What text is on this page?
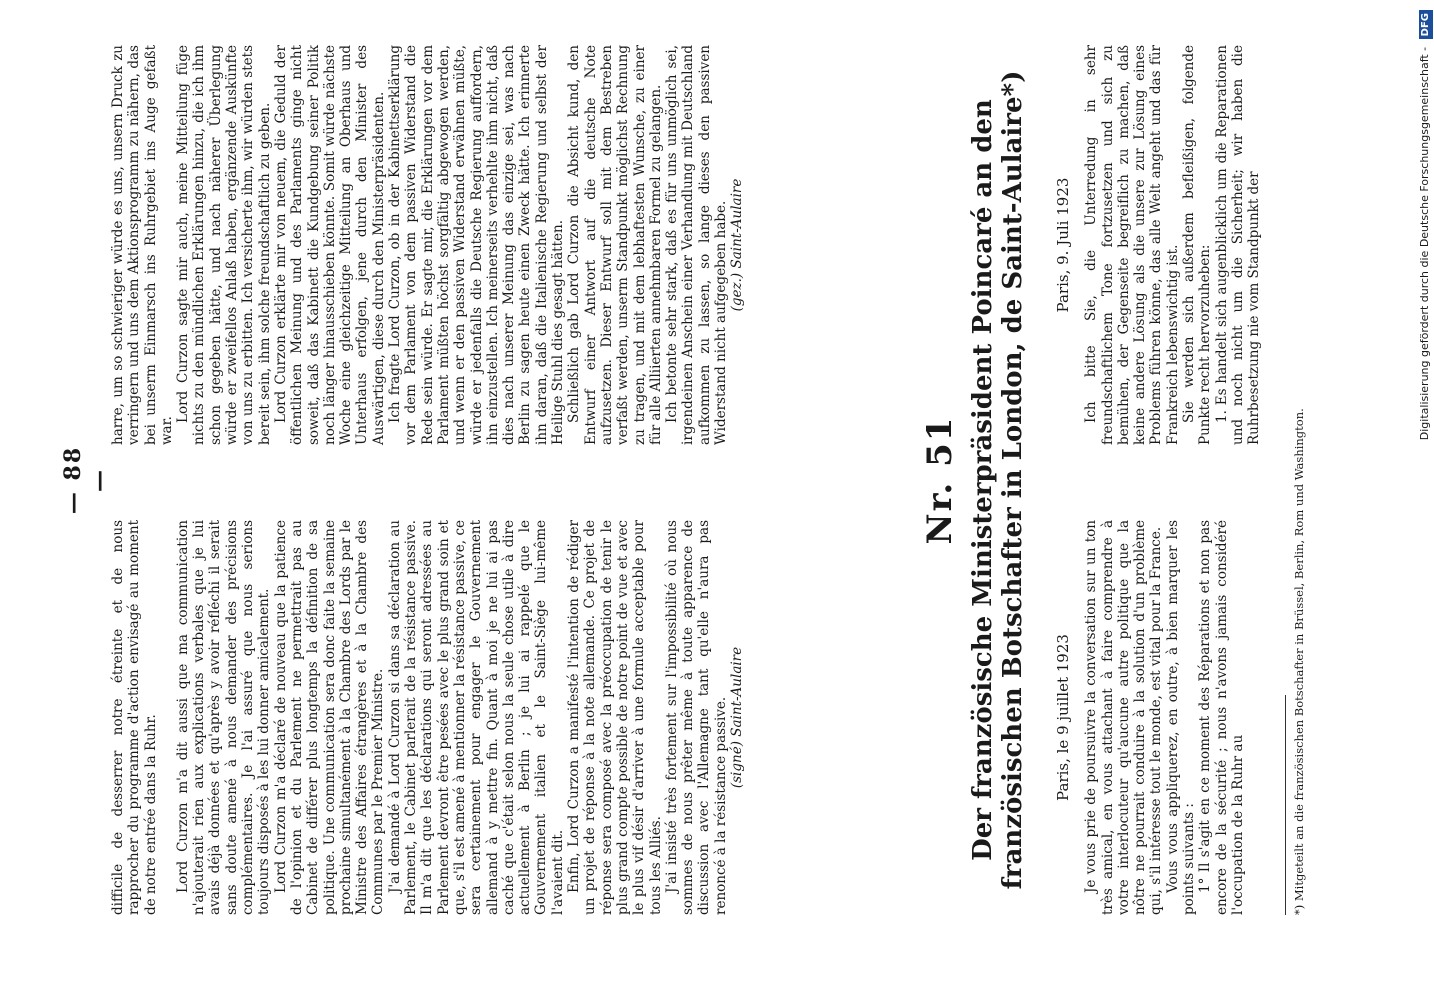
— 88 —

difficile de desserrer notre étreinte et de nous rapprocher du programme d'action envisagé au moment de notre entrée dans la Ruhr. Lord Curzon m'a dit aussi que ma communication n'ajouterait rien aux explications verbales que je lui avais déjà données et qu'après y avoir réfléchi il serait sans doute amené à nous demander des précisions complémentaires. Je l'ai assuré que nous serions toujours disposés à les lui donner amicalement. Lord Curzon m'a déclaré de nouveau que la patience de l'opinion et du Parlement ne permettrait pas au Cabinet de différer plus longtemps la définition de sa politique. Une communication sera donc faite la semaine prochaine simultanément à la Chambre des Lords par le Ministre des Affaires étrangères et à la Chambre des Communes par le Premier Ministre. J'ai demandé à Lord Curzon si dans sa déclaration au Parlement, le Cabinet parlerait de la résistance passive. Il m'a dit que les déclarations qui seront adressées au Parlement devront être pesées avec le plus grand soin et que, s'il est amené à mentionner la résistance passive, ce sera certainement pour engager le Gouvernement allemand à y mettre fin. Quant à moi je ne lui ai pas caché que c'était selon nous la seule chose utile à dire actuellement à Berlin ; je lui ai rappelé que le Gouvernement italien et le Saint-Siège lui-même l'avaient dit. Enfin, Lord Curzon a manifesté l'intention de rédiger un projet de réponse à la note allemande. Ce projet de réponse sera composé avec la préoccupation de tenir le plus grand compte possible de notre point de vue et avec le plus vif désir d'arriver à une formule acceptable pour tous les Alliés. J'ai insisté très fortement sur l'impossibilité où nous sommes de nous prêter même à toute apparence de discussion avec l'Allemagne tant qu'elle n'aura pas renoncé à la résistance passive. (signé) Saint-Aulaire

harre, um so schwieriger würde es uns, unsern Druck zu verringern und uns dem Aktionsprogramm zu nähern, das bei unserm Einmarsch ins Ruhrgebiet ins Auge gefaßt war.

Lord Curzon sagte mir auch, meine Mitteilung füge nichts zu den mündlichen Erklärungen hinzu, die ich ihm schon gegeben hätte, und nach näherer Überlegung würde er zweifellos Anlaß haben, ergänzende Auskünfte von uns zu erbitten. Ich versicherte ihm, wir würden stets bereit sein, ihm solche freundschaftlich zu geben. Lord Curzon erklärte mir von neuem, die Geduld der öffentlichen Meinung und des Parlaments ginge nicht soweit, daß das Kabinett die Kundgebung seiner Politik noch länger hinausschieben könnte. Somit würde nächste Woche eine gleichzeitige Mitteilung an Oberhaus und Unterhaus erfolgen, jene durch den Minister des Auswärtigen, diese durch den Ministerpräsidenten. Ich fragte Lord Curzon, ob in der Kabinettserklärung vor dem Parlament von dem passiven Widerstand die Rede sein würde. Er sagte mir, die Erklärungen vor dem Parlament müßten höchst sorgfältig abgewogen werden, und wenn er den passiven Widerstand erwähnen müßte, würde er jedenfalls die Deutsche Regierung auffordern, ihn einzustellen. Ich meinerseits verhehlte ihm nicht, daß dies nach unserer Meinung das einzige sei, was nach Berlin zu sagen heute einen Zweck hätte. Ich erinnerte ihn daran, daß die Italienische Regierung und selbst der Heilige Stuhl dies gesagt hätten. Schließlich gab Lord Curzon die Absicht kund, den Entwurf einer Antwort auf die deutsche Note aufzusetzen. Dieser Entwurf soll mit dem Bestreben verfaßt werden, unserm Standpunkt möglichst Rechnung zu tragen, und mit dem lebhaftesten Wunsche, zu einer für alle Alliierten annehmbaren Formel zu gelangen. Ich betonte sehr stark, daß es für uns unmöglich sei, irgendeinen Anschein einer Verhandlung mit Deutschland aufkommen zu lassen, so lange dieses den passiven Widerstand nicht aufgegeben habe. (gez.) Saint-Aulaire

Nr. 51 Der französische Ministerpräsident Poincaré an den französischen Botschafter in London, de Saint-Aulaire*) Paris, le 9 juillet 1923 Je vous prie de poursuivre la conversation sur un ton très amical, en vous attachant à faire comprendre à votre interlocuteur qu'aucune autre politique que la nôtre ne pourrait conduire à la solution d'un problème qui, s'il intéresse tout le monde, est vital pour la France. Vous vous appliquerez, en outre, à bien marquer les points suivants : 1° Il s'agit en ce moment des Réparations et non pas encore de la sécurité ; nous n'avons jamais considéré l'occupation de la Ruhr au

Paris, 9. Juli 1923 Ich bitte Sie, die Unterredung in sehr freundschaftlichem Tone fortzusetzen und sich zu bemühen, der Gegenseite begreiflich zu machen, daß keine andere Lösung als die unsere zur Lösung eines Problems führen könne, das alle Welt angeht und das für Frankreich lebenswichtig ist. Sie werden sich außerdem befleißigen, folgende Punkte recht hervorzuheben: 1. Es handelt sich augenblicklich um die Reparationen und noch nicht um die Sicherheit; wir haben die Ruhrbesetzung nie vom Standpunkt der

*) Mitgeteilt an die französischen Botschafter in Brüssel, Berlin, Rom und Washington.
Digitalisierung gefördert durch die Deutsche Forschungsgemeinschaft - DFG
